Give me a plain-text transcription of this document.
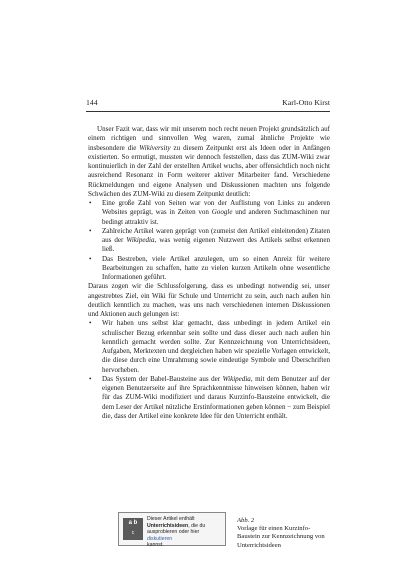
144	Karl-Otto Kirst

Unser Fazit war, dass wir mit unserem noch recht neuen Projekt grundsätzlich auf einem richtigen und sinnvollen Weg waren, zumal ähnliche Projekte wie insbesondere die Wikiversity zu diesem Zeitpunkt erst als Ideen oder in Anfängen existierten. So ermutigt, mussten wir dennoch feststellen, dass das ZUM-Wiki zwar kontinuierlich in der Zahl der erstellten Artikel wuchs, aber offensichtlich noch nicht ausreichend Resonanz in Form weiterer aktiver Mitarbeiter fand. Verschiedene Rückmeldungen und eigene Analysen und Diskussionen machten uns folgende Schwächen des ZUM-Wiki zu diesem Zeitpunkt deutlich:

• Eine große Zahl von Seiten war von der Auflistung von Links zu anderen Websites geprägt, was in Zeiten von Google und anderen Suchmaschinen nur bedingt attraktiv ist.
• Zahlreiche Artikel waren geprägt von (zumeist den Artikel einleitenden) Zitaten aus der Wikipedia, was wenig eigenen Nutzwert des Artikels selbst erkennen ließ.
• Das Bestreben, viele Artikel anzulegen, um so einen Anreiz für weitere Bearbeitungen zu schaffen, hatte zu vielen kurzen Artikeln ohne wesentliche Informationen geführt.

Daraus zogen wir die Schlussfolgerung, dass es unbedingt notwendig sei, unser angestrebtes Ziel, ein Wiki für Schule und Unterricht zu sein, auch nach außen hin deutlich kenntlich zu machen, was uns nach verschiedenen internen Diskussionen und Aktionen auch gelungen ist:

• Wir haben uns selbst klar gemacht, dass unbedingt in jedem Artikel ein schulischer Bezug erkennbar sein sollte und dass dieser auch nach außen hin kenntlich gemacht werden sollte. Zur Kennzeichnung von Unterrichtsideen, Aufgaben, Merktexten und dergleichen haben wir spezielle Vorlagen entwickelt, die diese durch eine Umrahmung sowie eindeutige Symbole und Überschriften hervorheben.
• Das System der Babel-Bausteine aus der Wikipedia, mit dem Benutzer auf der eigenen Benutzerseite auf ihre Sprachkenntnisse hinweisen können, haben wir für das ZUM-Wiki modifiziert und daraus Kurzinfo-Bausteine entwickelt, die dem Leser der Artikel nützliche Erstinformationen geben können − zum Beispiel die, dass der Artikel eine konkrete Idee für den Unterricht enthält.
a b
c
Dieser Artikel enthält
Unterrichtsideen, die du
ausprobieren oder hier diskutieren
kannst.
Abb. 2
Vorlage für einen Kurzinfo-Baustein zur Kennzeichnung von Unterrichtsideen
